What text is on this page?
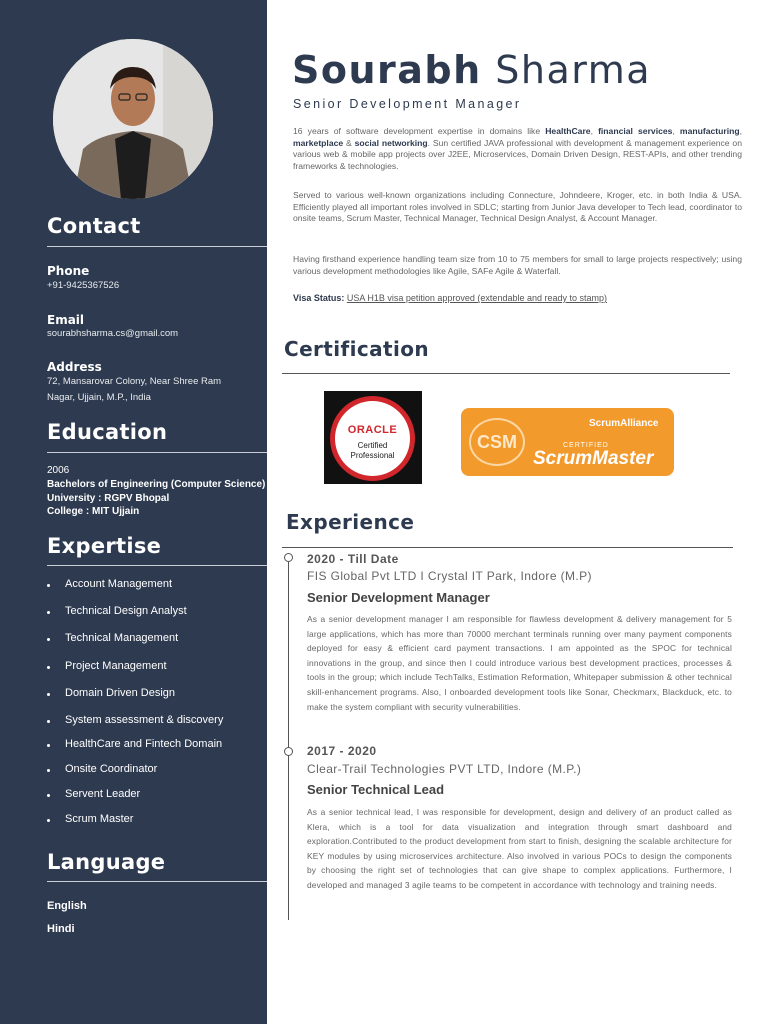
Contact
Phone
+91-9425367526
Email
sourabhsharma.cs@gmail.com
Address
72, Mansarovar Colony, Near Shree Ram
Nagar, Ujjain, M.P., India
Education
2006
Bachelors of Engineering (Computer Science)
University : RGPV Bhopal
College : MIT Ujjain
Expertise
Account Management
Technical Design Analyst
Technical Management
Project Management
Domain Driven Design
System assessment & discovery
HealthCare and Fintech Domain
Onsite Coordinator
Servent Leader
Scrum Master
Language
English
Hindi
Sourabh Sharma
Senior Development Manager
16 years of software development expertise in domains like HealthCare, financial services, manufacturing, marketplace & social networking. Sun certified JAVA professional with development & management experience on various web & mobile app projects over J2EE, Microservices, Domain Driven Design, REST-APIs, and other trending frameworks & technologies.
Served to various well-known organizations including Connecture, Johndeere, Kroger, etc. in both India & USA. Efficiently played all important roles involved in SDLC; starting from Junior Java developer to Tech lead, coordinator to onsite teams, Scrum Master, Technical Manager, Technical Design Analyst, & Account Manager.
Having firsthand experience handling team size from 10 to 75 members for small to large projects respectively; using various development methodologies like Agile, SAFe Agile & Waterfall.
Visa Status: USA H1B visa petition approved (extendable and ready to stamp)
Certification
ORACLE
Certified
Professional
CSM
ScrumAlliance
CERTIFIED
ScrumMaster
Experience
2020 - Till Date
FIS Global Pvt LTD I Crystal IT Park, Indore (M.P)
Senior Development Manager
As a senior development manager I am responsible for flawless development & delivery management for 5 large applications, which has more than 70000 merchant terminals running over many payment components deployed for easy & efficient card payment transactions. I am appointed as the SPOC for technical innovations in the group, and since then I could introduce various best development practices, processes & tools in the group; which include TechTalks, Estimation Reformation, Whitepaper submission & other technical skill-enhancement programs. Also, I onboarded development tools like Sonar, Checkmarx, Blackduck, etc. to make the system compliant with security vulnerabilities.
2017 - 2020
Clear-Trail Technologies PVT LTD, Indore (M.P.)
Senior Technical Lead
As a senior technical lead, I was responsible for development, design and delivery of an product called as Klera, which is a tool for data visualization and integration through smart dashboard and exploration.Contributed to the product development from start to finish, designing the scalable architecture for KEY modules by using microservices architecture. Also involved in various POCs to design the components by choosing the right set of technologies that can give shape to complex applications. Furthermore, I developed and managed 3 agile teams to be competent in accordance with technology and training needs.
